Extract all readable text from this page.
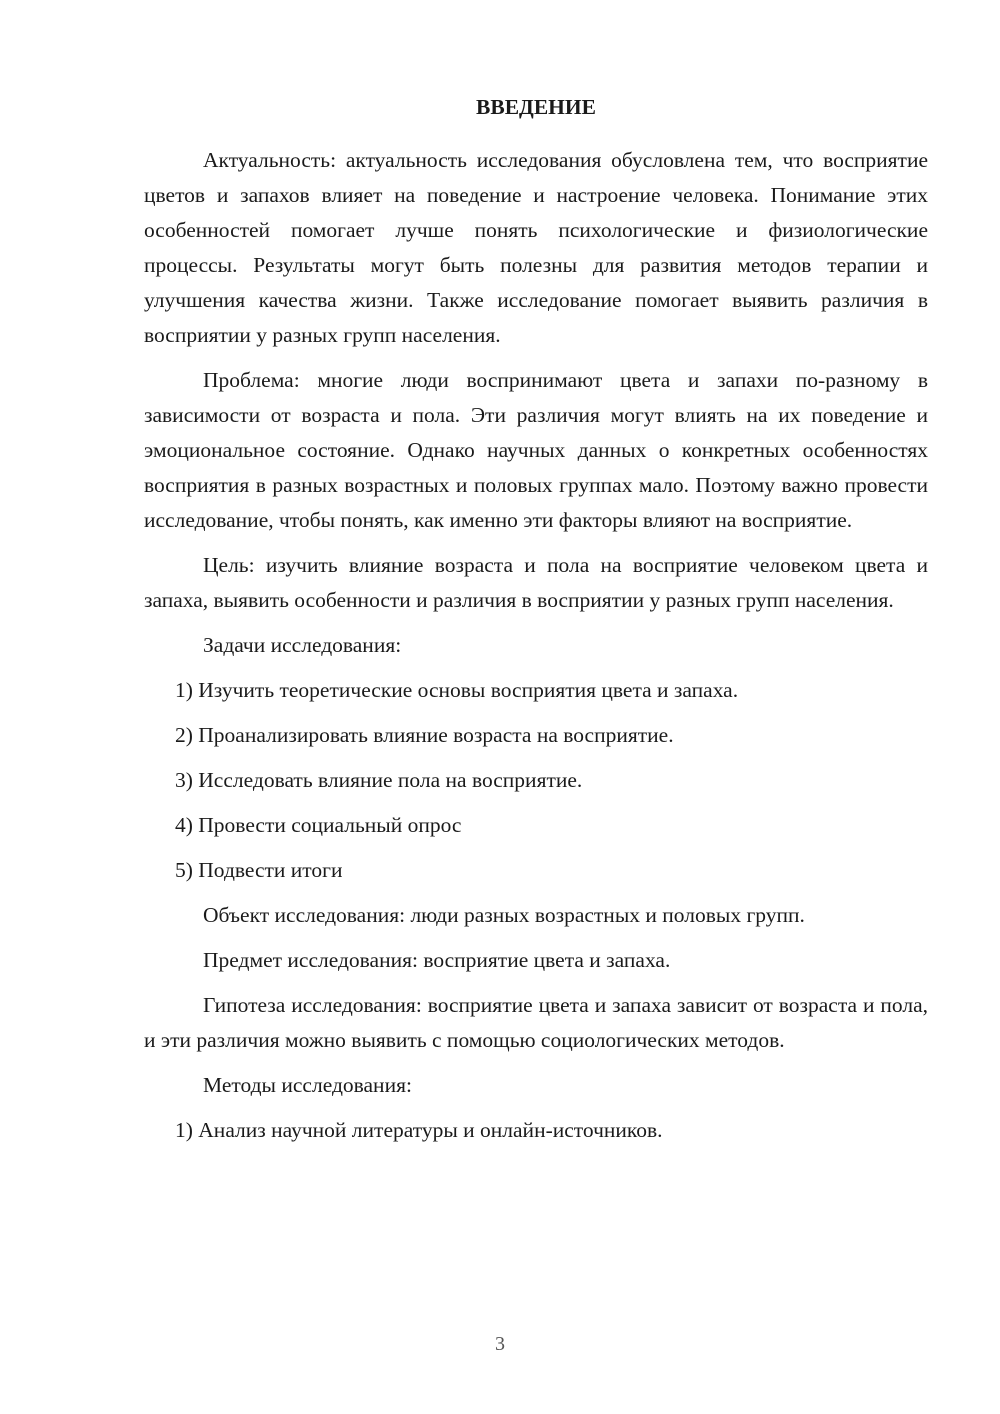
ВВЕДЕНИЕ
Актуальность: актуальность исследования обусловлена тем, что восприятие цветов и запахов влияет на поведение и настроение человека. Понимание этих особенностей помогает лучше понять психологические и физиологические процессы. Результаты могут быть полезны для развития методов терапии и улучшения качества жизни. Также исследование помогает выявить различия в восприятии у разных групп населения.
Проблема: многие люди воспринимают цвета и запахи по-разному в зависимости от возраста и пола. Эти различия могут влиять на их поведение и эмоциональное состояние. Однако научных данных о конкретных особенностях восприятия в разных возрастных и половых группах мало. Поэтому важно провести исследование, чтобы понять, как именно эти факторы влияют на восприятие.
Цель: изучить влияние возраста и пола на восприятие человеком цвета и запаха, выявить особенности и различия в восприятии у разных групп населения.
Задачи исследования:
1) Изучить теоретические основы восприятия цвета и запаха.
2) Проанализировать влияние возраста на восприятие.
3) Исследовать влияние пола на восприятие.
4) Провести социальный опрос
5) Подвести итоги
Объект исследования: люди разных возрастных и половых групп.
Предмет исследования: восприятие цвета и запаха.
Гипотеза исследования: восприятие цвета и запаха зависит от возраста и пола, и эти различия можно выявить с помощью социологических методов.
Методы исследования:
1) Анализ научной литературы и онлайн-источников.
3
